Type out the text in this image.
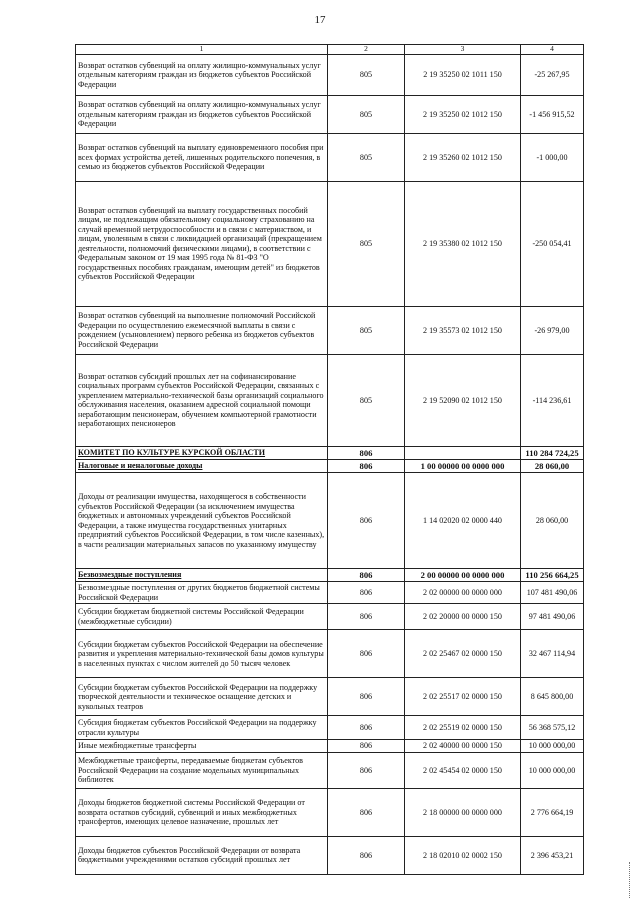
17
1	2	3	4
Возврат остатков субвенций на оплату жилищно-коммунальных услуг отдельным категориям граждан из бюджетов субъектов Российской Федерации	805	2 19 35250 02 1011 150	-25 267,95
Возврат остатков субвенций на оплату жилищно-коммунальных услуг отдельным категориям граждан из бюджетов субъектов Российской Федерации	805	2 19 35250 02 1012 150	-1 456 915,52
Возврат остатков субвенций на выплату единовременного пособия при всех формах устройства детей, лишенных родительского попечения, в семью из бюджетов субъектов Российской Федерации	805	2 19 35260 02 1012 150	-1 000,00
Возврат остатков субвенций на выплату государственных пособий лицам, не подлежащим обязательному социальному страхованию на случай временной нетрудоспособности и в связи с материнством, и лицам, уволенным в связи с ликвидацией организаций (прекращением деятельности, полномочий физическими лицами), в соответствии с Федеральным законом от 19 мая 1995 года № 81-ФЗ "О государственных пособиях гражданам, имеющим детей" из бюджетов субъектов Российской Федерации	805	2 19 35380 02 1012 150	-250 054,41
Возврат остатков субвенций на выполнение полномочий Российской Федерации по осуществлению ежемесячной выплаты в связи с рождением (усыновлением) первого ребенка из бюджетов субъектов Российской Федерации	805	2 19 35573 02 1012 150	-26 979,00
Возврат остатков субсидий прошлых лет на софинансирование социальных программ субъектов Российской Федерации, связанных с укреплением материально-технической базы организаций социального обслуживания населения, оказанием адресной социальной помощи неработающим пенсионерам, обучением компьютерной грамотности неработающих пенсионеров	805	2 19 52090 02 1012 150	-114 236,61
КОМИТЕТ ПО КУЛЬТУРЕ КУРСКОЙ ОБЛАСТИ	806		110 284 724,25
Налоговые и неналоговые доходы	806	1 00 00000 00 0000 000	28 060,00
Доходы от реализации имущества, находящегося в собственности субъектов Российской Федерации (за исключением имущества бюджетных и автономных учреждений субъектов Российской Федерации, а также имущества государственных унитарных предприятий субъектов Российской Федерации, в том числе казенных), в части реализации материальных запасов по указанному имуществу	806	1 14 02020 02 0000 440	28 060,00
Безвозмездные поступления	806	2 00 00000 00 0000 000	110 256 664,25
Безвозмездные поступления от других бюджетов бюджетной системы Российской Федерации	806	2 02 00000 00 0000 000	107 481 490,06
Субсидии бюджетам бюджетной системы Российской Федерации (межбюджетные субсидии)	806	2 02 20000 00 0000 150	97 481 490,06
Субсидии бюджетам субъектов Российской Федерации на обеспечение развития и укрепления материально-технической базы домов культуры в населенных пунктах с числом жителей до 50 тысяч человек	806	2 02 25467 02 0000 150	32 467 114,94
Субсидии бюджетам субъектов Российской Федерации на поддержку творческой деятельности и техническое оснащение детских и кукольных театров	806	2 02 25517 02 0000 150	8 645 800,00
Субсидия бюджетам субъектов Российской Федерации на поддержку отрасли культуры	806	2 02 25519 02 0000 150	56 368 575,12
Иные межбюджетные трансферты	806	2 02 40000 00 0000 150	10 000 000,00
Межбюджетные трансферты, передаваемые бюджетам субъектов Российской Федерации на создание модельных муниципальных библиотек	806	2 02 45454 02 0000 150	10 000 000,00
Доходы бюджетов бюджетной системы Российской Федерации от возврата остатков субсидий, субвенций и иных межбюджетных трансфертов, имеющих целевое назначение, прошлых лет	806	2 18 00000 00 0000 000	2 776 664,19
Доходы бюджетов субъектов Российской Федерации от возврата бюджетными учреждениями остатков субсидий прошлых лет	806	2 18 02010 02 0002 150	2 396 453,21
